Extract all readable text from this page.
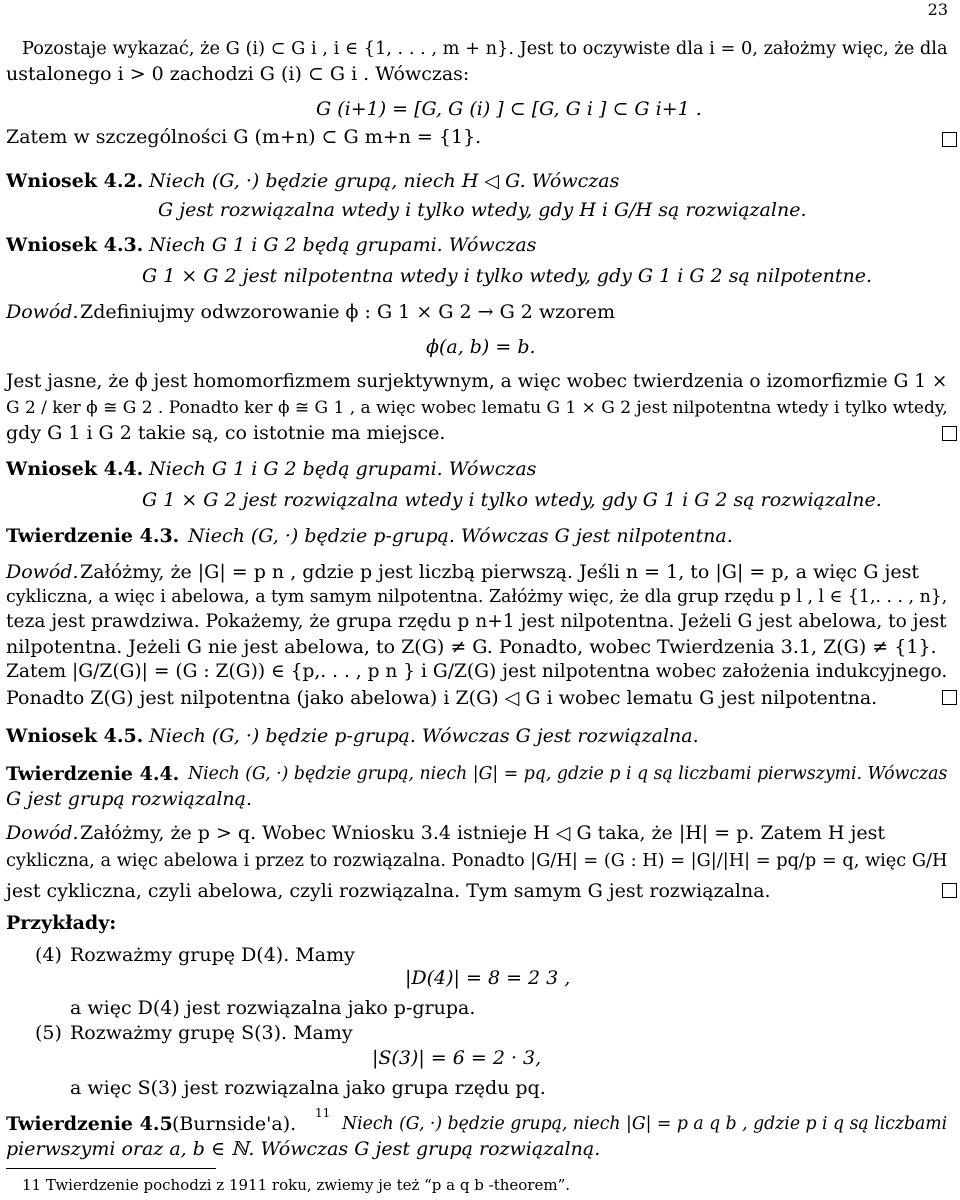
23
Pozostaje wykazać, że G (i) ⊂ G i , i ∈ {1, . . . , m + n}. Jest to oczywiste dla i = 0, założmy więc, że dla
ustalonego i > 0 zachodzi G (i) ⊂ G i . Wówczas:
G (i+1) = [G, G (i) ] ⊂ [G, G i ] ⊂ G i+1 .
Zatem w szczególności G (m+n) ⊂ G m+n = {1}.
Wniosek 4.2. Niech (G, ·) będzie grupą, niech H ◁ G. Wówczas
G jest rozwiązalna wtedy i tylko wtedy, gdy H i G/H są rozwiązalne.
Wniosek 4.3. Niech G 1 i G 2 będą grupami. Wówczas
G 1 × G 2 jest nilpotentna wtedy i tylko wtedy, gdy G 1 i G 2 są nilpotentne.
Dowód. Zdefiniujmy odwzorowanie ϕ : G 1 × G 2 → G 2 wzorem
ϕ(a, b) = b.
Jest jasne, że ϕ jest homomorfizmem surjektywnym, a więc wobec twierdzenia o izomorfizmie G 1 ×
G 2 / ker ϕ ≅ G 2 . Ponadto ker ϕ ≅ G 1 , a więc wobec lematu G 1 × G 2 jest nilpotentna wtedy i tylko wtedy,
gdy G 1 i G 2 takie są, co istotnie ma miejsce.
Wniosek 4.4. Niech G 1 i G 2 będą grupami. Wówczas
G 1 × G 2 jest rozwiązalna wtedy i tylko wtedy, gdy G 1 i G 2 są rozwiązalne.
Twierdzenie 4.3. Niech (G, ·) będzie p-grupą. Wówczas G jest nilpotentna.
Dowód. Załóżmy, że |G| = p n , gdzie p jest liczbą pierwszą. Jeśli n = 1, to |G| = p, a więc G jest
cykliczna, a więc i abelowa, a tym samym nilpotentna. Załóżmy więc, że dla grup rzędu p l , l ∈ {1,. . . , n},
teza jest prawdziwa. Pokażemy, że grupa rzędu p n+1 jest nilpotentna. Jeżeli G jest abelowa, to jest
nilpotentna. Jeżeli G nie jest abelowa, to Z(G) ≠ G. Ponadto, wobec Twierdzenia 3.1, Z(G) ≠ {1}.
Zatem |G/Z(G)| = (G : Z(G)) ∈ {p,. . . , p n } i G/Z(G) jest nilpotentna wobec założenia indukcyjnego.
Ponadto Z(G) jest nilpotentna (jako abelowa) i Z(G) ◁ G i wobec lematu G jest nilpotentna.
Wniosek 4.5. Niech (G, ·) będzie p-grupą. Wówczas G jest rozwiązalna.
Twierdzenie 4.4. Niech (G, ·) będzie grupą, niech |G| = pq, gdzie p i q są liczbami pierwszymi. Wówczas
G jest grupą rozwiązalną.
Dowód. Załóżmy, że p > q. Wobec Wniosku 3.4 istnieje H ◁ G taka, że |H| = p. Zatem H jest
cykliczna, a więc abelowa i przez to rozwiązalna. Ponadto |G/H| = (G : H) = |G|/|H| = pq/p = q, więc G/H
jest cykliczna, czyli abelowa, czyli rozwiązalna. Tym samym G jest rozwiązalna.
Przykłady:
(4) Rozważmy grupę D(4). Mamy
|D(4)| = 8 = 2 3 ,
a więc D(4) jest rozwiązalna jako p-grupa.
(5) Rozważmy grupę S(3). Mamy
|S(3)| = 6 = 2 · 3,
a więc S(3) jest rozwiązalna jako grupa rzędu pq.
Twierdzenie 4.5 (Burnside'a). 11
Niech (G, ·) będzie grupą, niech |G| = p a q b , gdzie p i q są liczbami
pierwszymi oraz a, b ∈ ℕ. Wówczas G jest grupą rozwiązalną.
11 Twierdzenie pochodzi z 1911 roku, zwiemy je też “p a q b -theorem”.
